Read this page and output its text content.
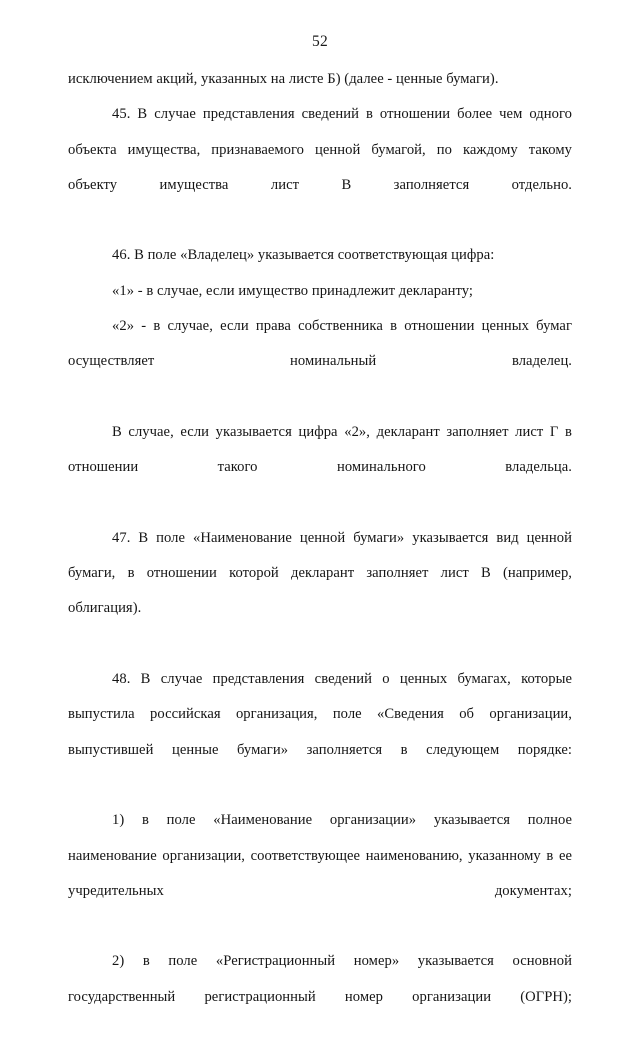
52

исключением акций, указанных на листе Б) (далее - ценные бумаги).

45. В случае представления сведений в отношении более чем одного объекта имущества, признаваемого ценной бумагой, по каждому такому объекту имущества лист В заполняется отдельно.

46. В поле «Владелец» указывается соответствующая цифра:

«1» - в случае, если имущество принадлежит декларанту;

«2» - в случае, если права собственника в отношении ценных бумаг осуществляет номинальный владелец.

В случае, если указывается цифра «2», декларант заполняет лист Г в отношении такого номинального владельца.

47. В поле «Наименование ценной бумаги» указывается вид ценной бумаги, в отношении которой декларант заполняет лист В (например, облигация).

48. В случае представления сведений о ценных бумагах, которые выпустила российская организация, поле «Сведения об организации, выпустившей ценные бумаги» заполняется в следующем порядке:

1) в поле «Наименование организации» указывается полное наименование организации, соответствующее наименованию, указанному в ее учредительных документах;

2) в поле «Регистрационный номер» указывается основной государственный регистрационный номер организации (ОГРН);
